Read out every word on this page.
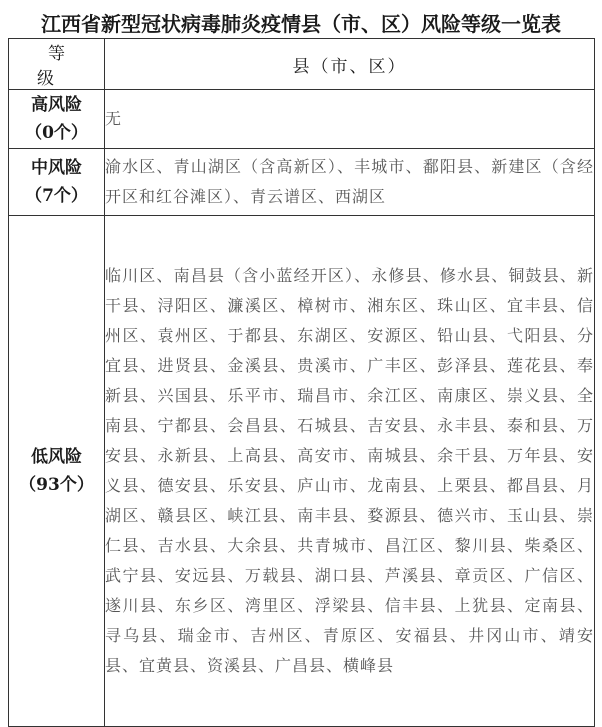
江西省新型冠状病毒肺炎疫情县（市、区）风险等级一览表
等级	县（市、区）
高风险
（0个）	无
中风险
（7个）	渝水区、青山湖区（含高新区）、丰城市、鄱阳县、新建区（含经开区和红谷滩区）、青云谱区、西湖区
低风险
（93个）	临川区、南昌县（含小蓝经开区）、永修县、修水县、铜鼓县、新干县、浔阳区、濂溪区、樟树市、湘东区、珠山区、宜丰县、信州区、袁州区、于都县、东湖区、安源区、铅山县、弋阳县、分宜县、进贤县、金溪县、贵溪市、广丰区、彭泽县、莲花县、奉新县、兴国县、乐平市、瑞昌市、余江区、南康区、崇义县、全南县、宁都县、会昌县、石城县、吉安县、永丰县、泰和县、万安县、永新县、上高县、高安市、南城县、余干县、万年县、安义县、德安县、乐安县、庐山市、龙南县、上栗县、都昌县、月湖区、赣县区、峡江县、南丰县、婺源县、德兴市、玉山县、崇仁县、吉水县、大余县、共青城市、昌江区、黎川县、柴桑区、武宁县、安远县、万载县、湖口县、芦溪县、章贡区、广信区、遂川县、东乡区、湾里区、浮梁县、信丰县、上犹县、定南县、寻乌县、瑞金市、吉州区、青原区、安福县、井冈山市、靖安县、宜黄县、资溪县、广昌县、横峰县
